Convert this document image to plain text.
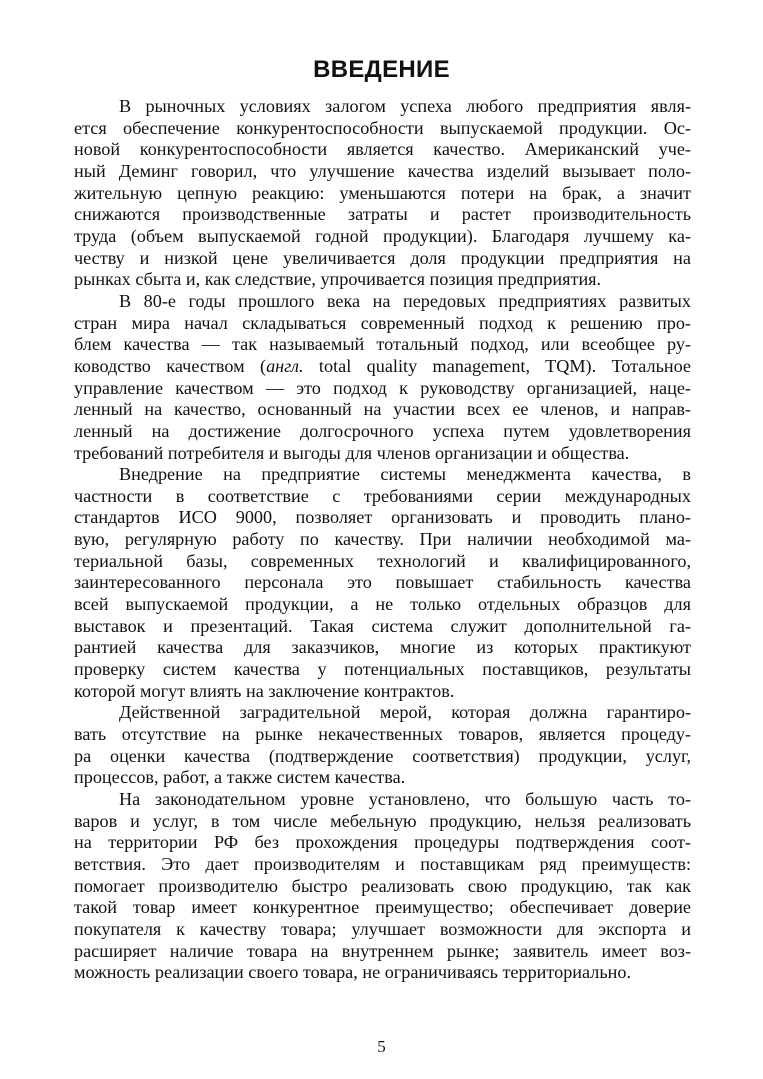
ВВЕДЕНИЕ

В рыночных условиях залогом успеха любого предприятия явля-
ется обеспечение конкурентоспособности выпускаемой продукции. Ос-
новой конкурентоспособности является качество. Американский уче-
ный Деминг говорил, что улучшение качества изделий вызывает поло-
жительную цепную реакцию: уменьшаются потери на брак, а значит
снижаются производственные затраты и растет производительность
труда (объем выпускаемой годной продукции). Благодаря лучшему ка-
честву и низкой цене увеличивается доля продукции предприятия на
рынках сбыта и, как следствие, упрочивается позиция предприятия.

В 80-е годы прошлого века на передовых предприятиях развитых
стран мира начал складываться современный подход к решению про-
блем качества — так называемый тотальный подход, или всеобщее ру-
ководство качеством (англ. total quality management, TQM). Тотальное
управление качеством — это подход к руководству организацией, наце-
ленный на качество, основанный на участии всех ее членов, и направ-
ленный на достижение долгосрочного успеха путем удовлетворения
требований потребителя и выгоды для членов организации и общества.

Внедрение на предприятие системы менеджмента качества, в
частности в соответствие с требованиями серии международных
стандартов ИСО 9000, позволяет организовать и проводить плано-
вую, регулярную работу по качеству. При наличии необходимой ма-
териальной базы, современных технологий и квалифицированного,
заинтересованного персонала это повышает стабильность качества
всей выпускаемой продукции, а не только отдельных образцов для
выставок и презентаций. Такая система служит дополнительной га-
рантией качества для заказчиков, многие из которых практикуют
проверку систем качества у потенциальных поставщиков, результаты
которой могут влиять на заключение контрактов.

Действенной заградительной мерой, которая должна гарантиро-
вать отсутствие на рынке некачественных товаров, является процеду-
ра оценки качества (подтверждение соответствия) продукции, услуг,
процессов, работ, а также систем качества.

На законодательном уровне установлено, что большую часть то-
варов и услуг, в том числе мебельную продукцию, нельзя реализовать
на территории РФ без прохождения процедуры подтверждения соот-
ветствия. Это дает производителям и поставщикам ряд преимуществ:
помогает производителю быстро реализовать свою продукцию, так как
такой товар имеет конкурентное преимущество; обеспечивает доверие
покупателя к качеству товара; улучшает возможности для экспорта и
расширяет наличие товара на внутреннем рынке; заявитель имеет воз-
можность реализации своего товара, не ограничиваясь территориально.

5
